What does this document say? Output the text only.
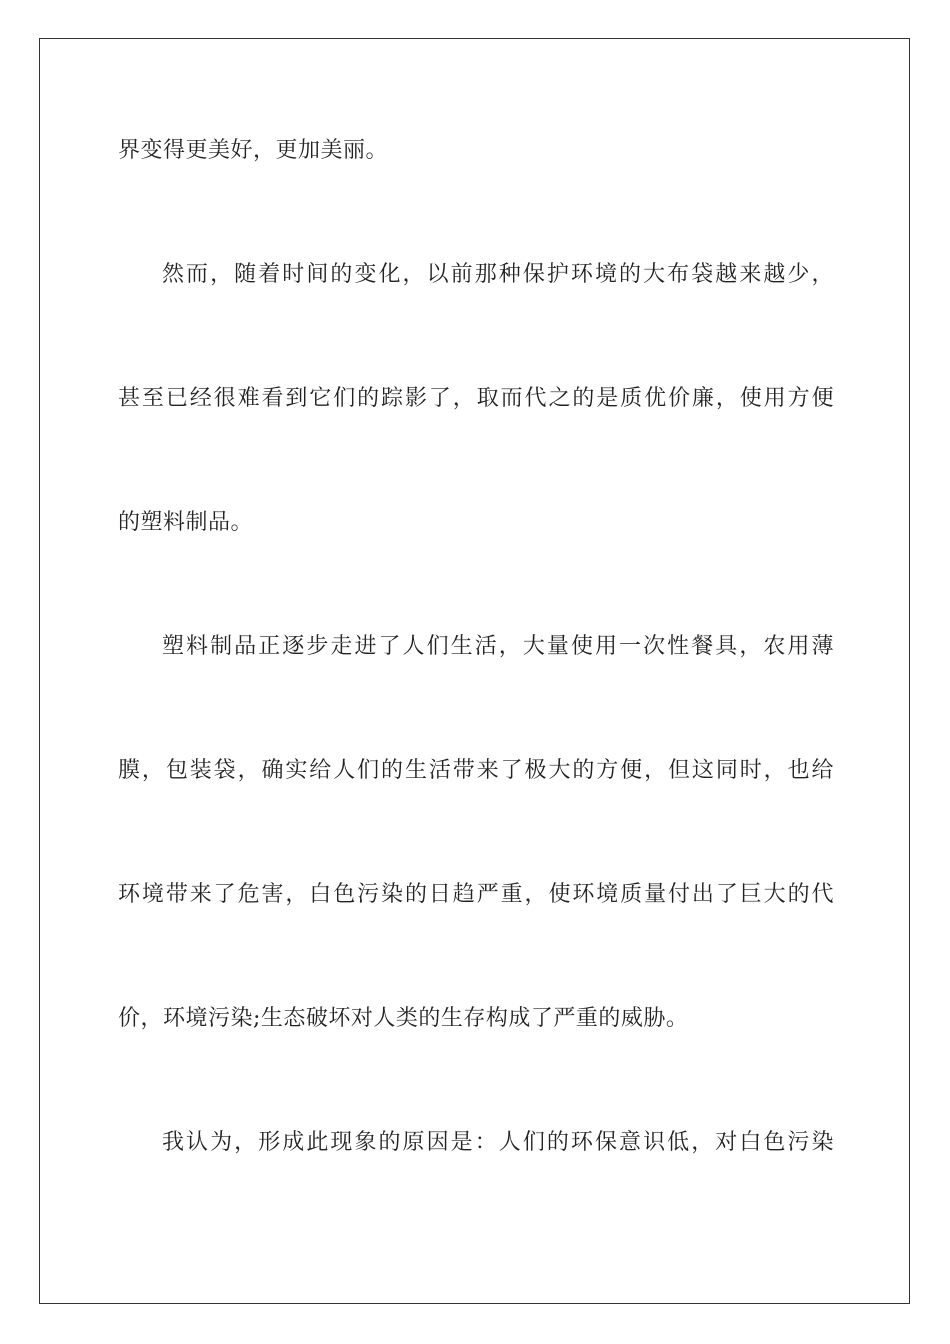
界变得更美好，更加美丽。
然而，随着时间的变化，以前那种保护环境的大布袋越来越少，
甚至已经很难看到它们的踪影了，取而代之的是质优价廉，使用方便
的塑料制品。
塑料制品正逐步走进了人们生活，大量使用一次性餐具，农用薄
膜，包装袋，确实给人们的生活带来了极大的方便，但这同时，也给
环境带来了危害，白色污染的日趋严重，使环境质量付出了巨大的代
价，环境污染;生态破坏对人类的生存构成了严重的威胁。
我认为，形成此现象的原因是：人们的环保意识低，对白色污染
